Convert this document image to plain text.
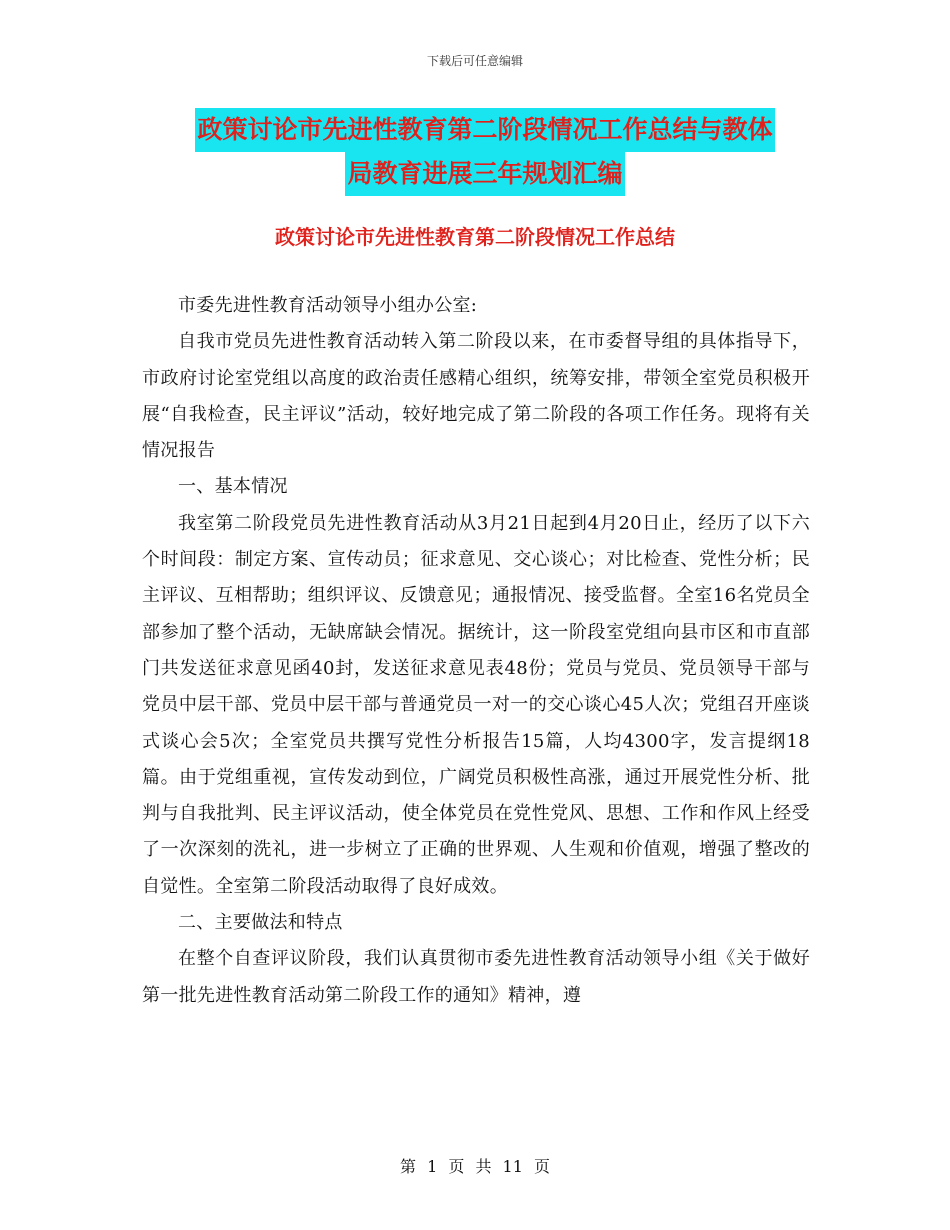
下载后可任意编辑
政策讨论市先进性教育第二阶段情况工作总结与教体
局教育进展三年规划汇编
政策讨论市先进性教育第二阶段情况工作总结

市委先进性教育活动领导小组办公室:

自我市党员先进性教育活动转入第二阶段以来，在市委督导组的具体指导下，市政府讨论室党组以高度的政治责任感精心组织，统筹安排，带领全室党员积极开展“自我检查，民主评议”活动，较好地完成了第二阶段的各项工作任务。现将有关情况报告

一、基本情况

我室第二阶段党员先进性教育活动从3月21日起到4月20日止，经历了以下六个时间段：制定方案、宣传动员；征求意见、交心谈心；对比检查、党性分析；民主评议、互相帮助；组织评议、反馈意见；通报情况、接受监督。全室16名党员全部参加了整个活动，无缺席缺会情况。据统计，这一阶段室党组向县市区和市直部门共发送征求意见函40封，发送征求意见表48份；党员与党员、党员领导干部与党员中层干部、党员中层干部与普通党员一对一的交心谈心45人次；党组召开座谈式谈心会5次；全室党员共撰写党性分析报告15篇，人均4300字，发言提纲18篇。由于党组重视，宣传发动到位，广阔党员积极性高涨，通过开展党性分析、批判与自我批判、民主评议活动，使全体党员在党性党风、思想、工作和作风上经受了一次深刻的洗礼，进一步树立了正确的世界观、人生观和价值观，增强了整改的自觉性。全室第二阶段活动取得了良好成效。

二、主要做法和特点

在整个自查评议阶段，我们认真贯彻市委先进性教育活动领导小组《关于做好第一批先进性教育活动第二阶段工作的通知》精神，遵

第 1 页 共 11 页
